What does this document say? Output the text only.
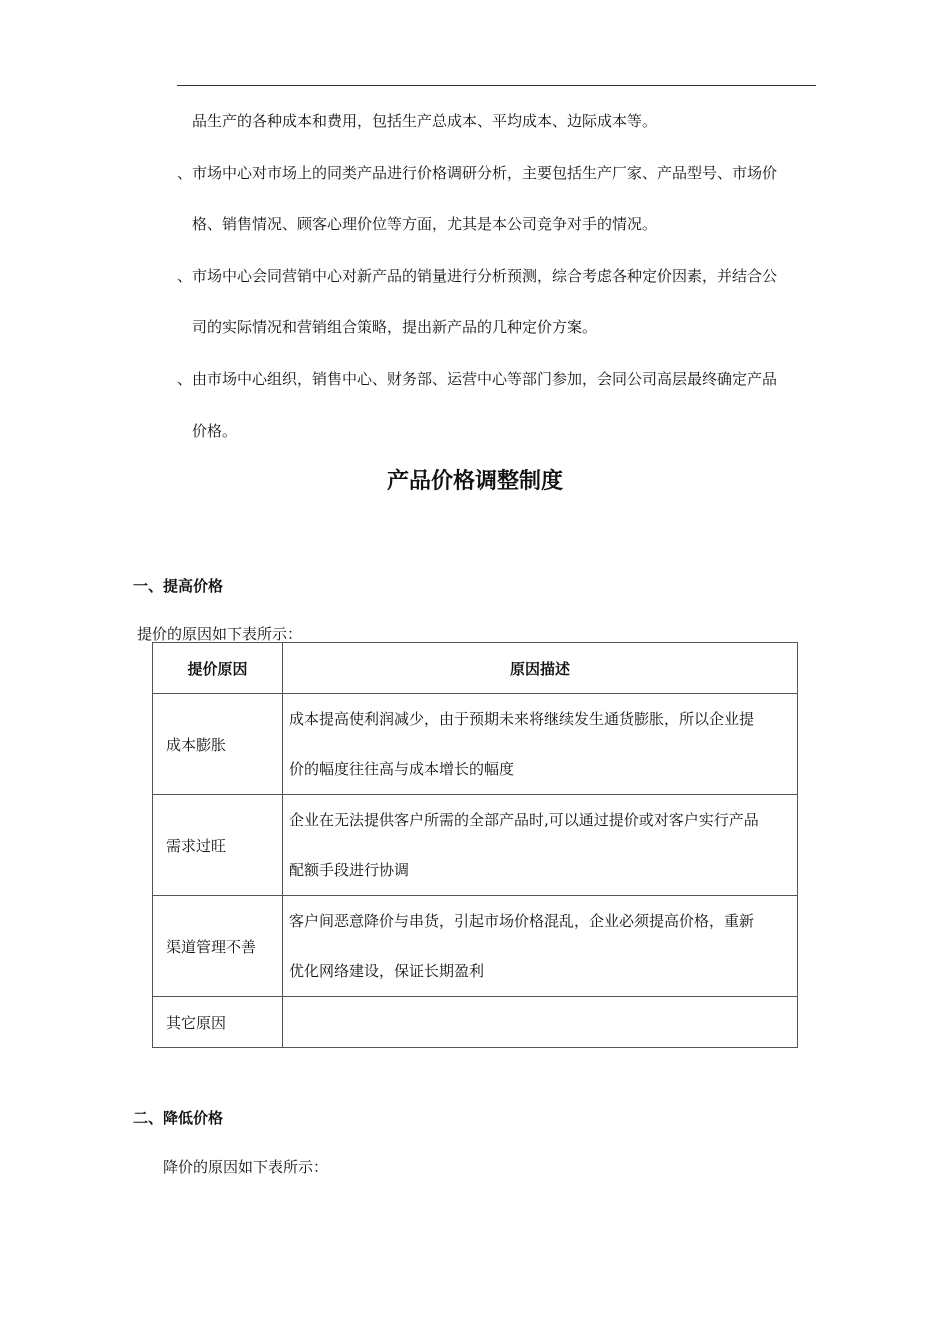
品生产的各种成本和费用，包括生产总成本、平均成本、边际成本等。
、市场中心对市场上的同类产品进行价格调研分析，主要包括生产厂家、产品型号、市场价
格、销售情况、顾客心理价位等方面，尤其是本公司竞争对手的情况。
、市场中心会同营销中心对新产品的销量进行分析预测，综合考虑各种定价因素，并结合公
司的实际情况和营销组合策略，提出新产品的几种定价方案。
、由市场中心组织，销售中心、财务部、运营中心等部门参加，会同公司高层最终确定产品
价格。
产品价格调整制度
一、提高价格
提价的原因如下表所示：
提价原因	原因描述
成本膨胀	成本提高使利润减少，由于预期未来将继续发生通货膨胀，所以企业提
价的幅度往往高与成本增长的幅度

需求过旺	企业在无法提供客户所需的全部产品时,可以通过提价或对客户实行产品
配额手段进行协调

渠道管理不善	客户间恶意降价与串货，引起市场价格混乱，企业必须提高价格，重新
优化网络建设，保证长期盈利

其它原因	
二、降低价格
降价的原因如下表所示：
